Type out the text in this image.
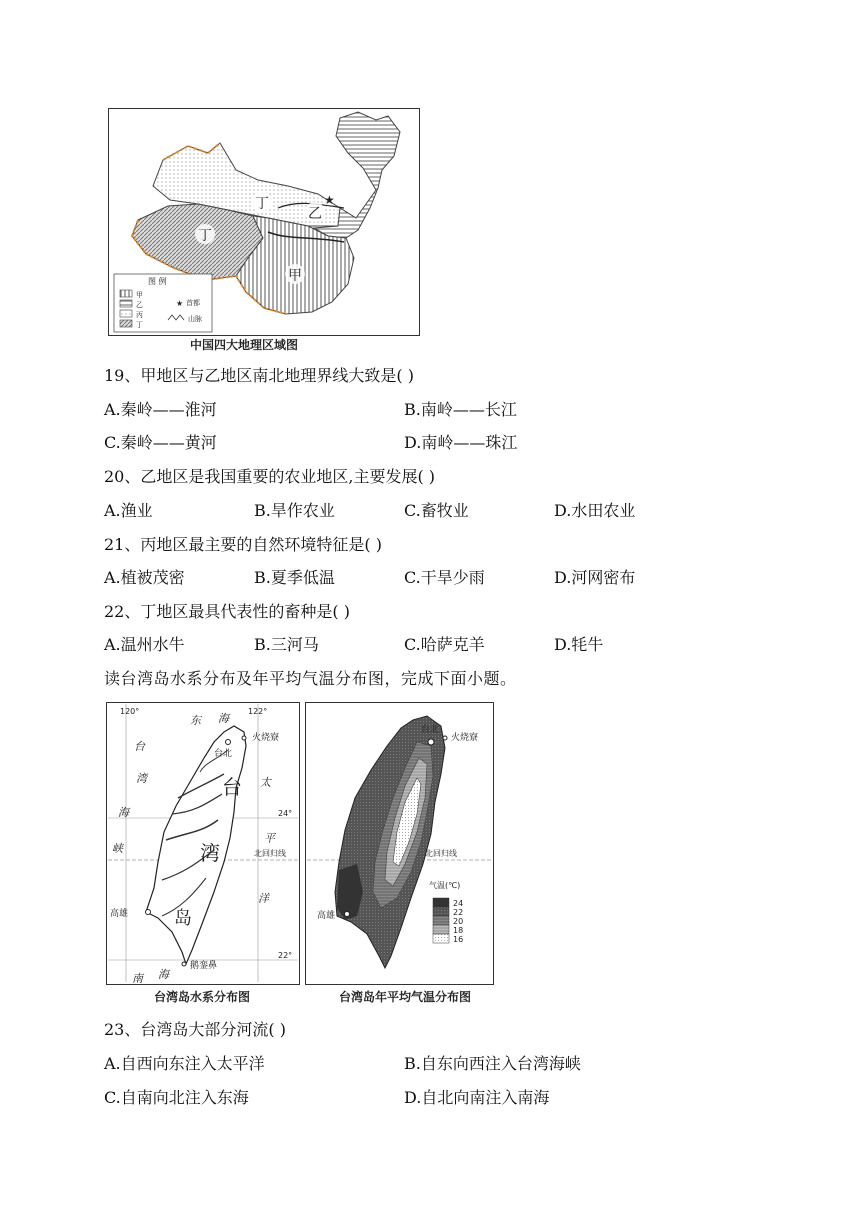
★
丁
乙
丁
甲
图 例
甲
乙
丙
丁
★ 首都
山脉
中国四大地理区域图
19、甲地区与乙地区南北地理界线大致是( )
A.秦岭——淮河	B.南岭——长江
C.秦岭——黄河	D.南岭——珠江
20、乙地区是我国重要的农业地区,主要发展( )
A.渔业	B.旱作农业	C.畜牧业	D.水田农业
21、丙地区最主要的自然环境特征是( )
A.植被茂密	B.夏季低温	C.干旱少雨	D.河网密布
22、丁地区最具代表性的畜种是( )
A.温州水牛	B.三河马	C.哈萨克羊	D.牦牛
读台湾岛水系分布及年平均气温分布图，完成下面小题。
120°	122°
24°
22°
东 海
太
平
洋
台
湾
海
峡
南 海
台
湾
岛
台北
火烧寮
高雄
鹅銮鼻
北回归线
台湾岛水系分布图
台北
火烧寮
高雄
北回归线
气温(℃)
24
22
20
18
16
台湾岛年平均气温分布图
23、台湾岛大部分河流( )
A.自西向东注入太平洋	B.自东向西注入台湾海峡
C.自南向北注入东海	D.自北向南注入南海
